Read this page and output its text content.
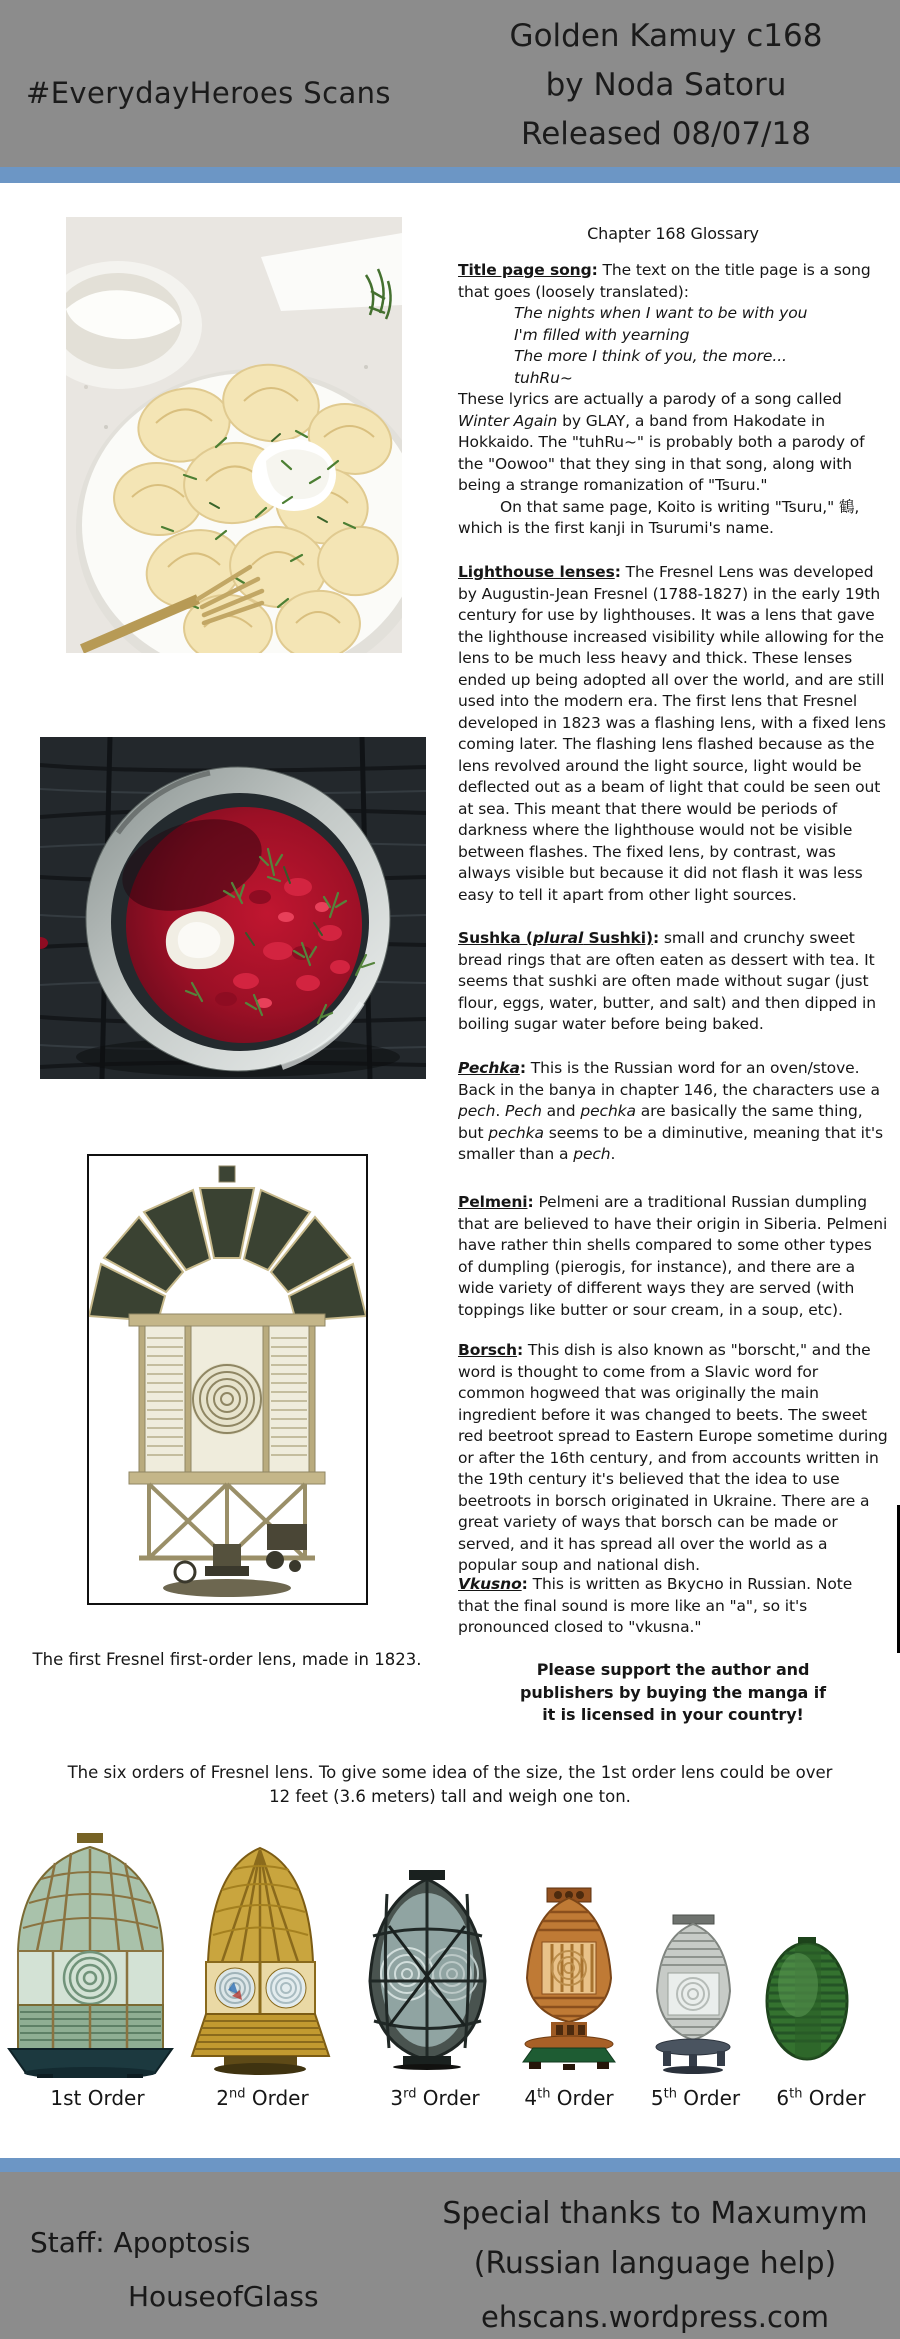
#EverydayHeroes Scans
Golden Kamuy c168
by Noda Satoru
Released 08/07/18
The first Fresnel first-order lens, made in 1823.
Chapter 168 Glossary

Title page song: The text on the title page is a song that goes (loosely translated):

The nights when I want to be with you
I'm filled with yearning
The more I think of you, the more...
tuhRu~

These lyrics are actually a parody of a song called Winter Again by GLAY, a band from Hakodate in Hokkaido. The "tuhRu~" is probably both a parody of the "Oowoo" that they sing in that song, along with being a strange romanization of "Tsuru."

On that same page, Koito is writing "Tsuru," 鶴, which is the first kanji in Tsurumi's name.

Lighthouse lenses: The Fresnel Lens was developed by Augustin-Jean Fresnel (1788-1827) in the early 19th century for use by lighthouses. It was a lens that gave the lighthouse increased visibility while allowing for the lens to be much less heavy and thick. These lenses ended up being adopted all over the world, and are still used into the modern era. The first lens that Fresnel developed in 1823 was a flashing lens, with a fixed lens coming later. The flashing lens flashed because as the lens revolved around the light source, light would be deflected out as a beam of light that could be seen out at sea. This meant that there would be periods of darkness where the lighthouse would not be visible between flashes. The fixed lens, by contrast, was always visible but because it did not flash it was less easy to tell it apart from other light sources.

Sushka (plural Sushki): small and crunchy sweet bread rings that are often eaten as dessert with tea. It seems that sushki are often made without sugar (just flour, eggs, water, butter, and salt) and then dipped in boiling sugar water before being baked.

Pechka: This is the Russian word for an oven/stove. Back in the banya in chapter 146, the characters use a pech. Pech and pechka are basically the same thing, but pechka seems to be a diminutive, meaning that it's smaller than a pech.

Pelmeni: Pelmeni are a traditional Russian dumpling that are believed to have their origin in Siberia. Pelmeni have rather thin shells compared to some other types of dumpling (pierogis, for instance), and there are a wide variety of different ways they are served (with toppings like butter or sour cream, in a soup, etc).

Borsch: This dish is also known as "borscht," and the word is thought to come from a Slavic word for common hogweed that was originally the main ingredient before it was changed to beets. The sweet red beetroot spread to Eastern Europe sometime during or after the 16th century, and from accounts written in the 19th century it's believed that the idea to use beetroots in borsch originated in Ukraine. There are a great variety of ways that borsch can be made or served, and it has spread all over the world as a popular soup and national dish.

Vkusno: This is written as Вкусно in Russian. Note that the final sound is more like an "a", so it's pronounced closed to "vkusna."

Please support the author and
publishers by buying the manga if
it is licensed in your country!
The six orders of Fresnel lens. To give some idea of the size, the 1st order lens could be over
12 feet (3.6 meters) tall and weigh one ton.
1st Order	2nd Order	3rd Order	4th Order	5th Order	6th Order
Staff: Apoptosis
HouseofGlass
Special thanks to Maxumym
(Russian language help)
ehscans.wordpress.com
